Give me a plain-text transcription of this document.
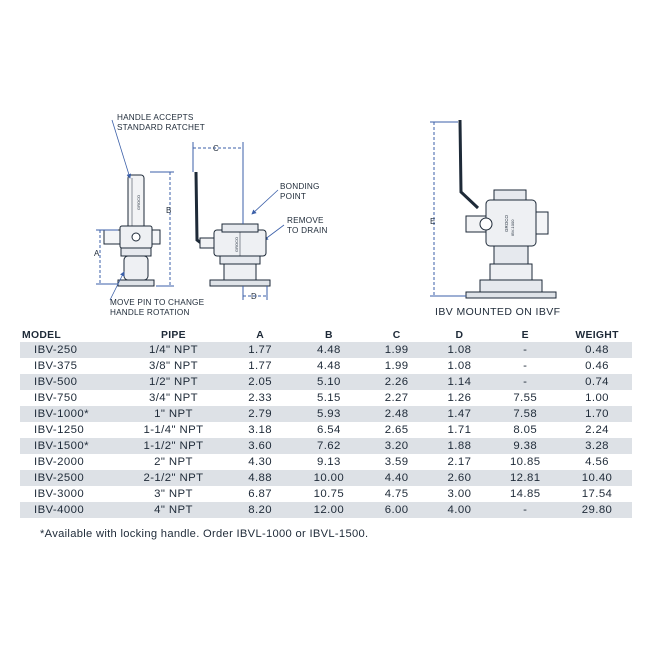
A
B
C
D
E
GROCO
GROCO
GROCO IBV-1000
HANDLE ACCEPTS
STANDARD RATCHET
BONDING
POINT
REMOVE
TO DRAIN
MOVE PIN TO CHANGE
HANDLE ROTATION	IBV MOUNTED ON IBVF
MODEL	PIPE	A	B	C	D	E	WEIGHT
IBV-250	1/4" NPT	1.77	4.48	1.99	1.08	-	0.48
IBV-375	3/8" NPT	1.77	4.48	1.99	1.08	-	0.46
IBV-500	1/2" NPT	2.05	5.10	2.26	1.14	-	0.74
IBV-750	3/4" NPT	2.33	5.15	2.27	1.26	7.55	1.00
IBV-1000*	1" NPT	2.79	5.93	2.48	1.47	7.58	1.70
IBV-1250	1-1/4" NPT	3.18	6.54	2.65	1.71	8.05	2.24
IBV-1500*	1-1/2" NPT	3.60	7.62	3.20	1.88	9.38	3.28
IBV-2000	2" NPT	4.30	9.13	3.59	2.17	10.85	4.56
IBV-2500	2-1/2" NPT	4.88	10.00	4.40	2.60	12.81	10.40
IBV-3000	3" NPT	6.87	10.75	4.75	3.00	14.85	17.54
IBV-4000	4" NPT	8.20	12.00	6.00	4.00	-	29.80
*Available with locking handle. Order IBVL-1000 or IBVL-1500.
